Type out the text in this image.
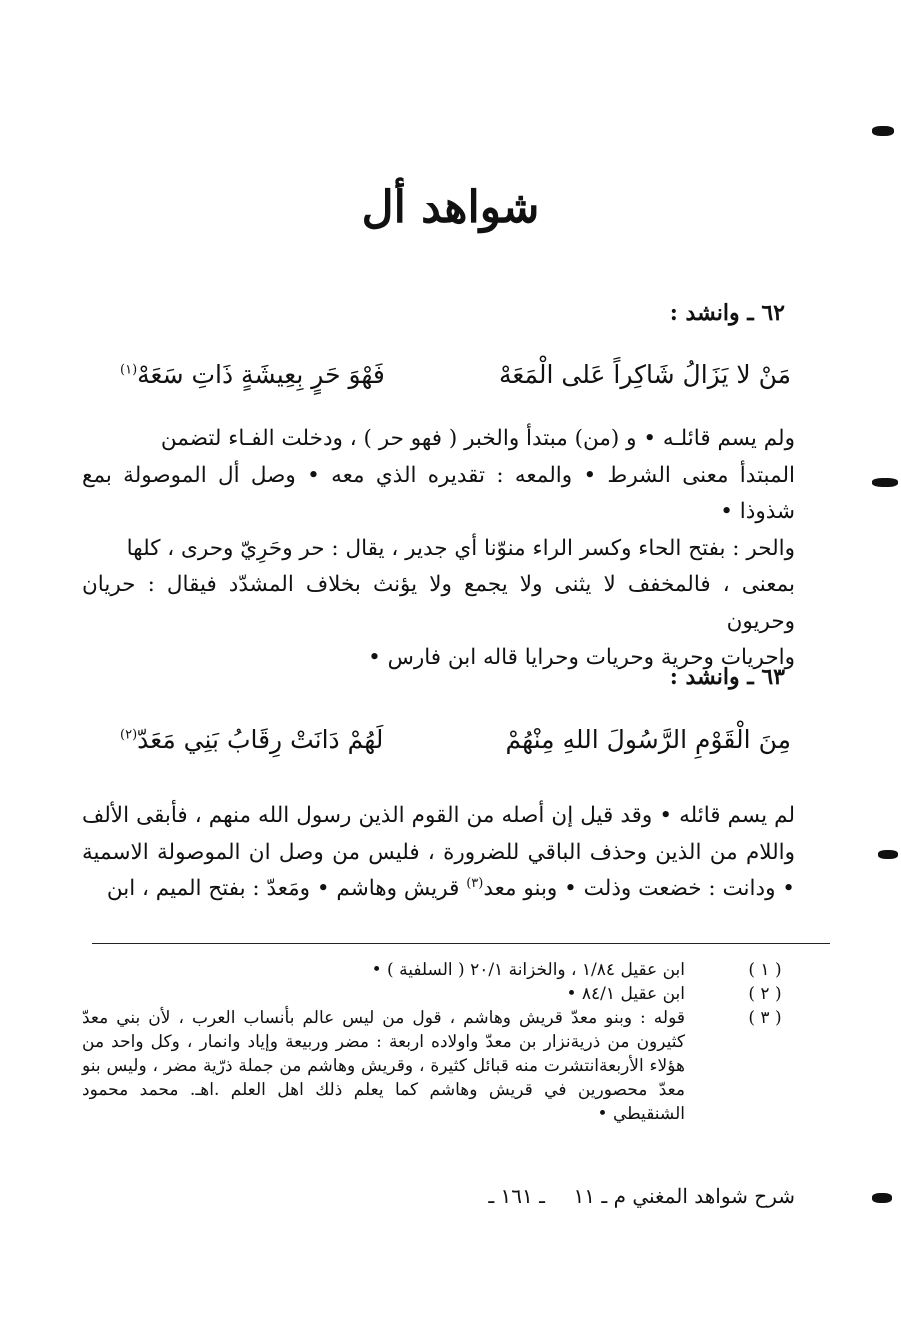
شواهد أل
٦٢ ـ وانشد :
مَنْ لا يَزَالُ شَاكِراً عَلى الْمَعَهْ
فَهْوَ حَرٍ بِعِيشَةٍ ذَاتِ سَعَهْ$^{(١)}$

ولم يسم قائلـه • و (من) مبتدأ والخبر ( فهو حر ) ، ودخلت الفـاء لتضمن

المبتدأ معنى الشرط • والمعه : تقديره الذي معه • وصل أل الموصولة بمع شذوذا •

والحر : بفتح الحاء وكسر الراء منوّنا أي جدير ، يقال : حر وحَرِيّ وحرى ، كلها

بمعنى ، فالمخفف لا يثنى ولا يجمع ولا يؤنث بخلاف المشدّد فيقال : حريان وحريون

واحريات وحرية وحريات وحرايا قاله ابن فارس •

٦٣ ـ وانشد :
مِنَ الْقَوْمِ الرَّسُولَ اللهِ مِنْهُمْ
لَهُمْ دَانَتْ رِقَابُ بَنِي مَعَدّ$^{(٢)}$

لم يسم قائله • وقد قيل إن أصله من القوم الذين رسول الله منهم ، فأبقى الألف واللام من الذين وحذف الباقي للضرورة ، فليس من وصل ان الموصولة الاسمية • ودانت : خضعت وذلت • وبنو معد$^{(٣)}$ قريش وهاشم • ومَعدّ : بفتح الميم ، ابن

( ١ )
ابن عقيل ١/٨٤ ، والخزانة ٢٠/١ ( السلفية ) •
( ٢ )
ابن عقيل ٨٤/١ •
( ٣ )
قوله : وبنو معدّ قريش وهاشم ، قول من ليس عالم بأنساب العرب ، لأن بني معدّ كثيرون من ذريةنزار بن معدّ واولاده اربعة : مضر وربيعة وإياد وانمار ، وكل واحد من هؤلاء الأربعةانتشرت منه قبائل كثيرة ، وقريش وهاشم من جملة ذرّية مضر ، وليس بنو معدّ محصورين في قريش وهاشم كما يعلم ذلك اهل العلم .اهـ. محمد محمود الشنقيطي •
شرح شواهد المغني م ـ ١١
ـ ١٦١ ـ
